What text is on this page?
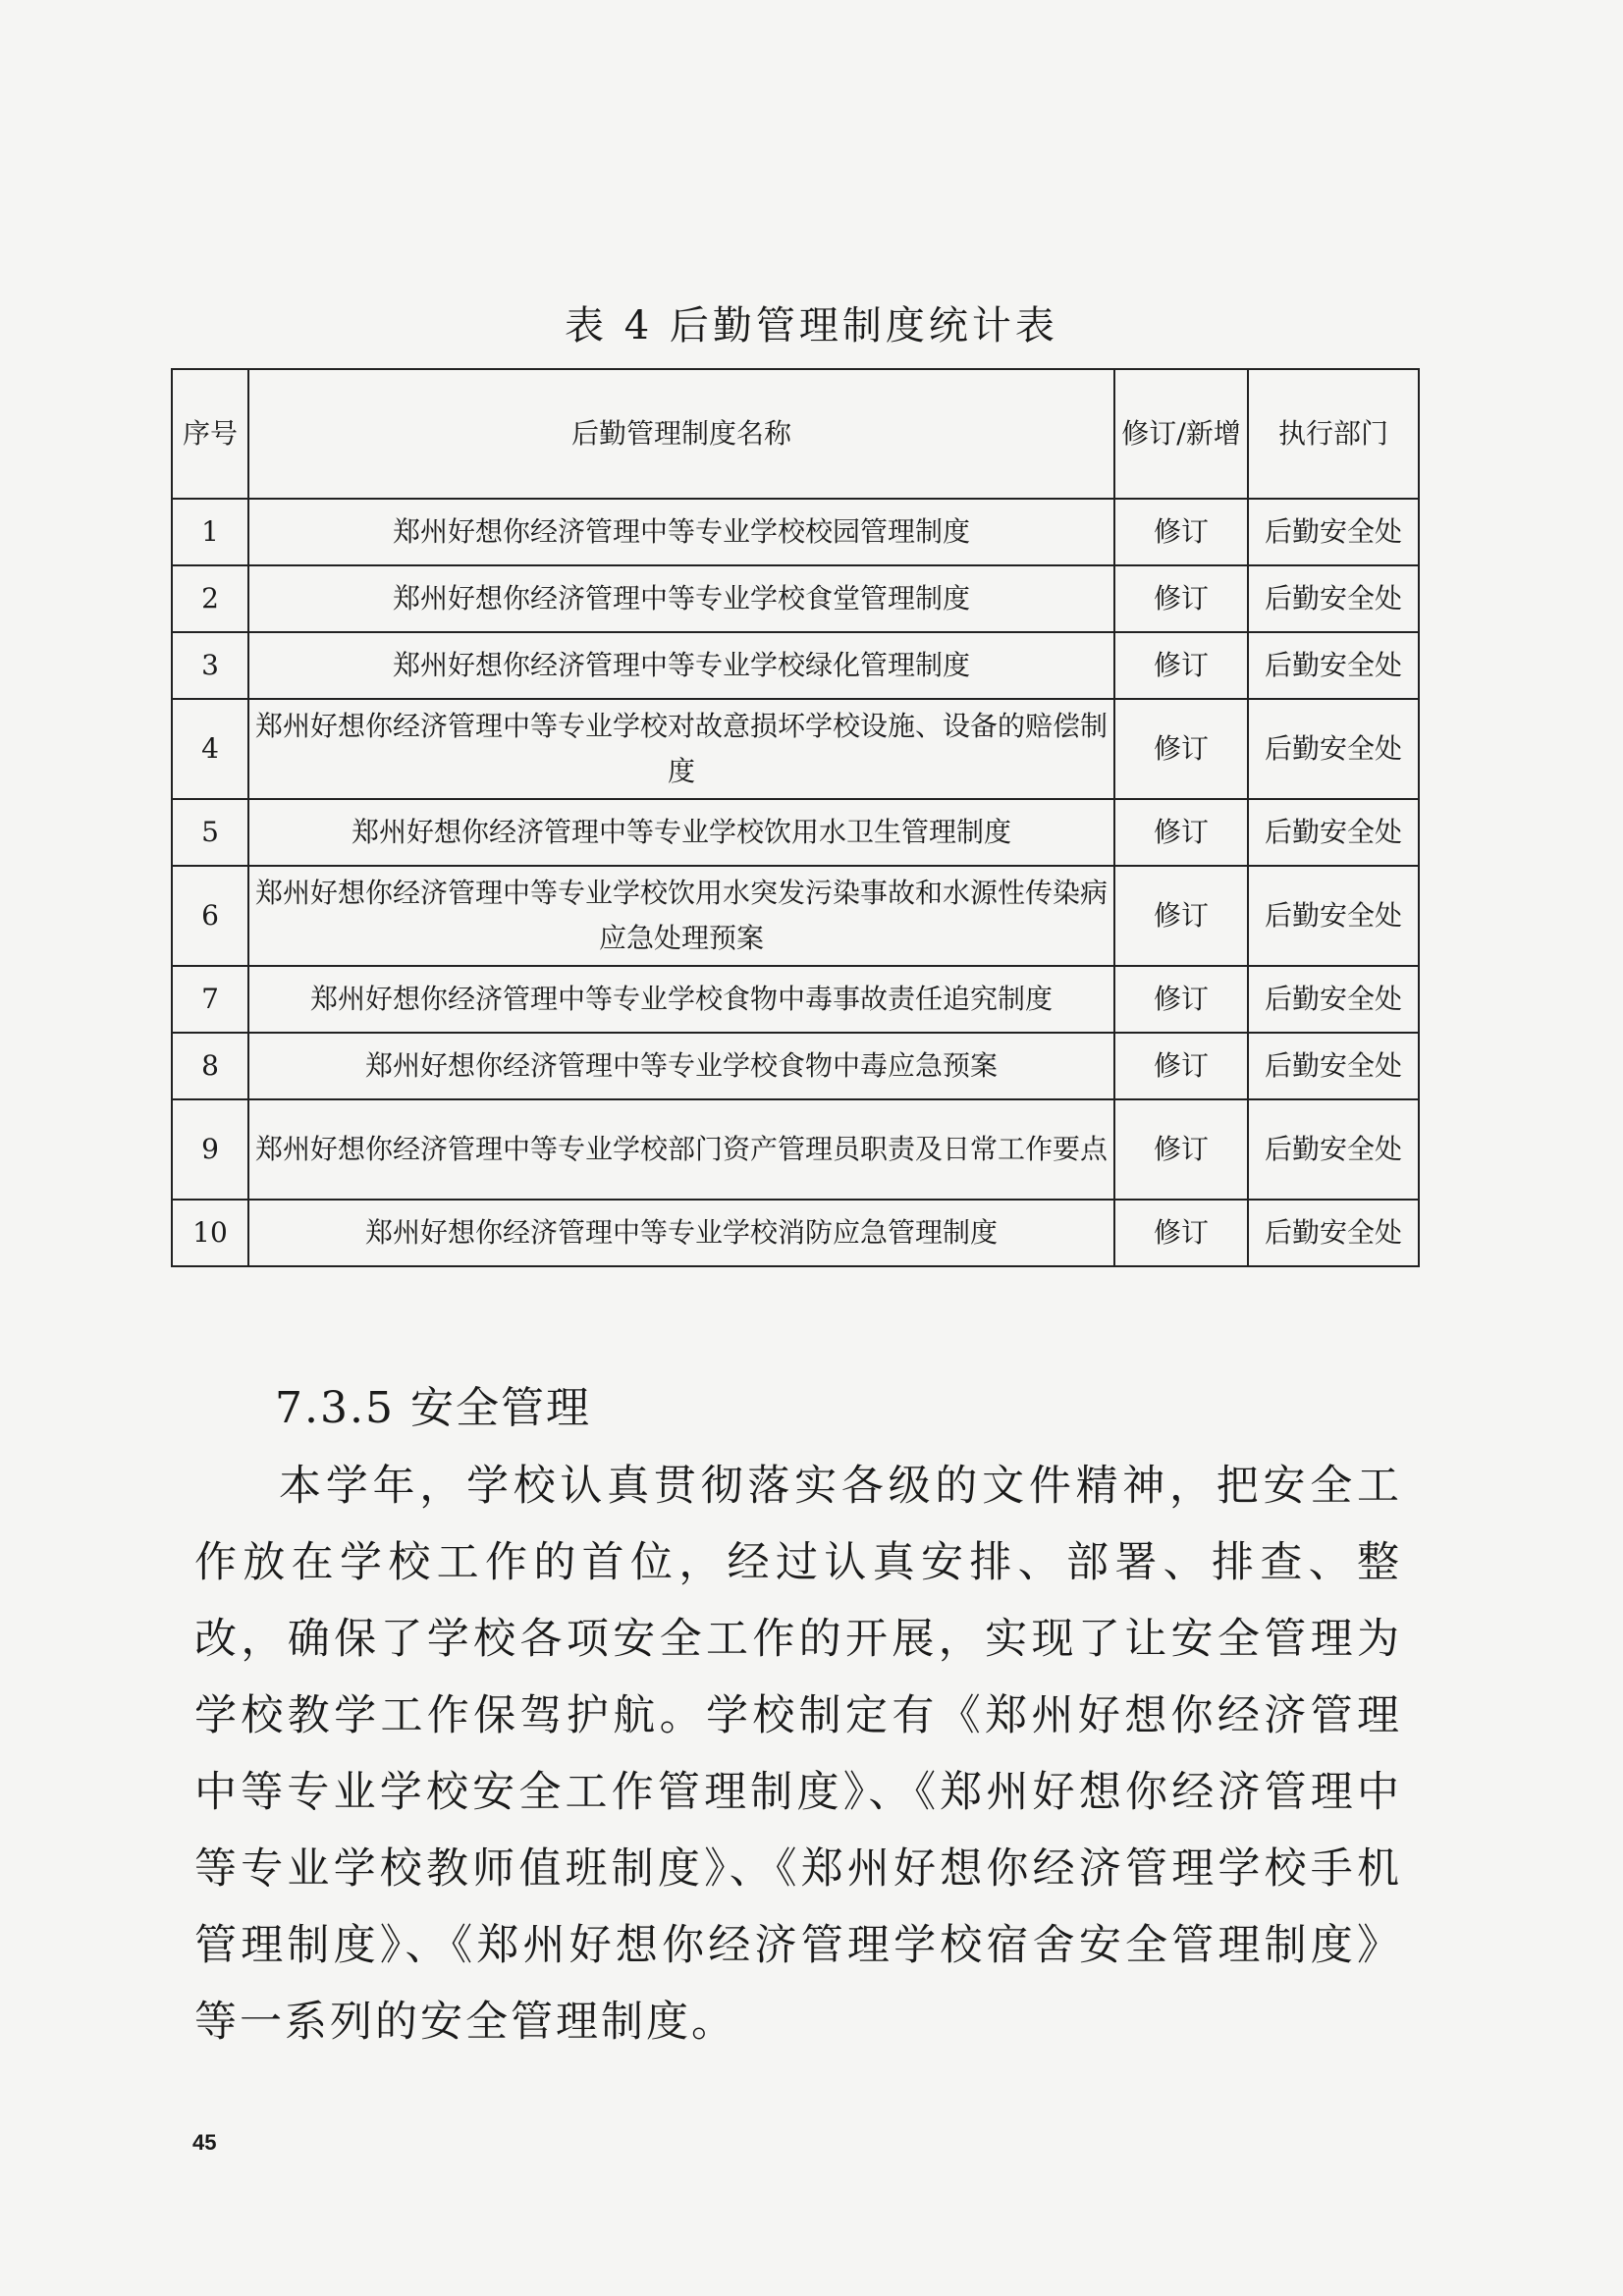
表 4 后勤管理制度统计表
序号	后勤管理制度名称	修订/新增	执行部门
1	郑州好想你经济管理中等专业学校校园管理制度	修订	后勤安全处
2	郑州好想你经济管理中等专业学校食堂管理制度	修订	后勤安全处
3	郑州好想你经济管理中等专业学校绿化管理制度	修订	后勤安全处
4	郑州好想你经济管理中等专业学校对故意损坏学校设施、设备的赔偿制度	修订	后勤安全处
5	郑州好想你经济管理中等专业学校饮用水卫生管理制度	修订	后勤安全处
6	郑州好想你经济管理中等专业学校饮用水突发污染事故和水源性传染病应急处理预案	修订	后勤安全处
7	郑州好想你经济管理中等专业学校食物中毒事故责任追究制度	修订	后勤安全处
8	郑州好想你经济管理中等专业学校食物中毒应急预案	修订	后勤安全处
9	郑州好想你经济管理中等专业学校部门资产管理员职责及日常工作要点	修订	后勤安全处
10	郑州好想你经济管理中等专业学校消防应急管理制度	修订	后勤安全处
7.3.5 安全管理

本学年，学校认真贯彻落实各级的文件精神，把安全工作放在学校工作的首位，经过认真安排、部署、排查、整改，确保了学校各项安全工作的开展，实现了让安全管理为学校教学工作保驾护航。学校制定有《郑州好想你经济管理中等专业学校安全工作管理制度》、《郑州好想你经济管理中等专业学校教师值班制度》、《郑州好想你经济管理学校手机管理制度》、《郑州好想你经济管理学校宿舍安全管理制度》等一系列的安全管理制度。

45
